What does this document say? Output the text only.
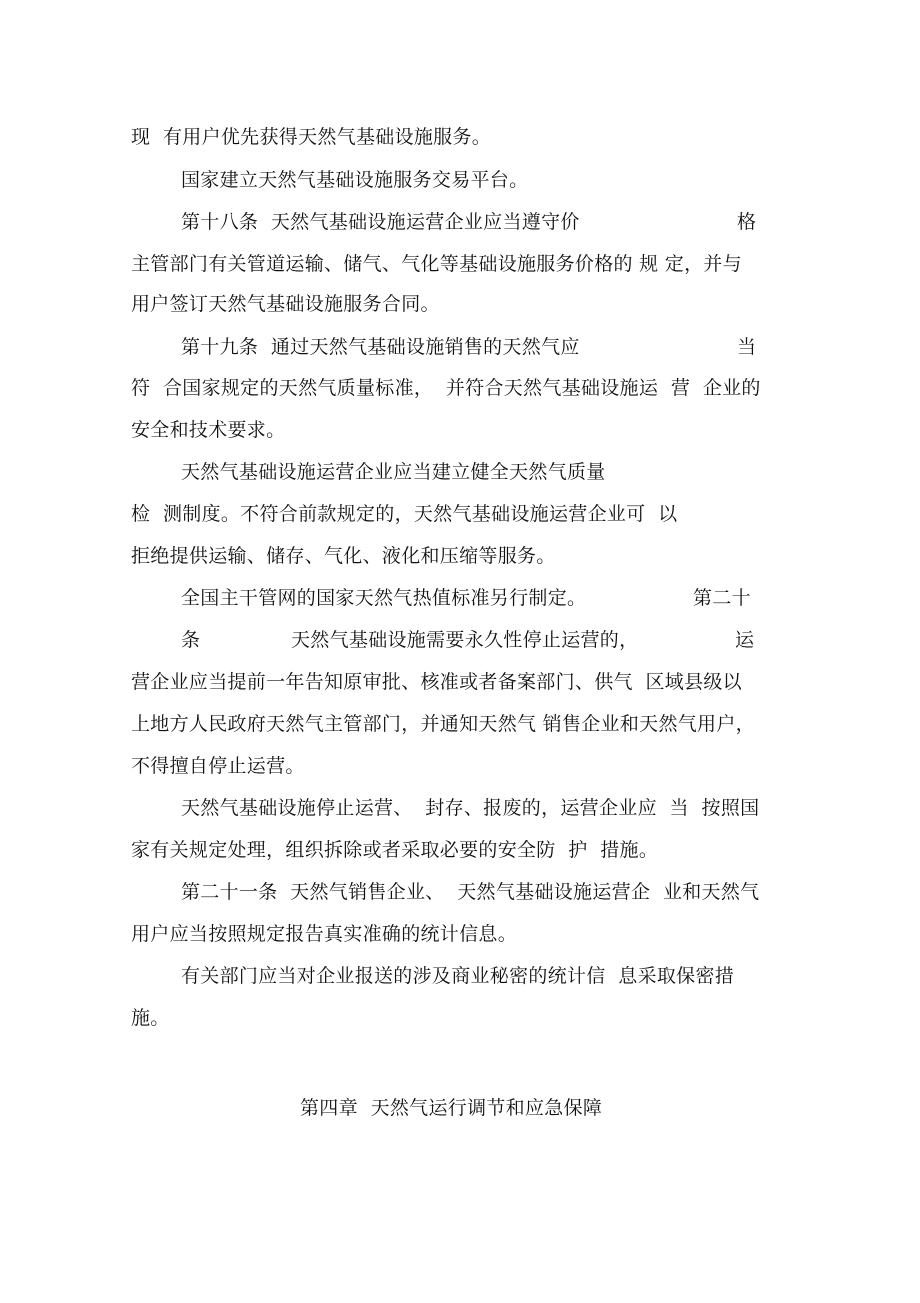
现  有用户优先获得天然气基础设施服务。
国家建立天然气基础设施服务交易平台。
第十八条  天然气基础设施运营企业应当遵守价	格
主管部门有关管道运输、储气、气化等基础设施服务价格的 规 定，并与
用户签订天然气基础设施服务合同。
第十九条  通过天然气基础设施销售的天然气应	当
符  合国家规定的天然气质量标准，  并符合天然气基础设施运  营  企业的
安全和技术要求。
天然气基础设施运营企业应当建立健全天然气质量
检  测制度。不符合前款规定的，天然气基础设施运营企业可  以
拒绝提供运输、储存、气化、液化和压缩等服务。
全国主干管网的国家天然气热值标准另行制定。	第二十
条	天然气基础设施需要永久性停止运营的，	运
营企业应当提前一年告知原审批、核准或者备案部门、供气  区域县级以
上地方人民政府天然气主管部门，并通知天然气 销售企业和天然气用户，
不得擅自停止运营。
天然气基础设施停止运营、  封存、报废的，运营企业应  当  按照国
家有关规定处理，组织拆除或者采取必要的安全防  护  措施。
第二十一条  天然气销售企业、  天然气基础设施运营企  业和天然气
用户应当按照规定报告真实准确的统计信息。
有关部门应当对企业报送的涉及商业秘密的统计信  息采取保密措
施。
第四章  天然气运行调节和应急保障
